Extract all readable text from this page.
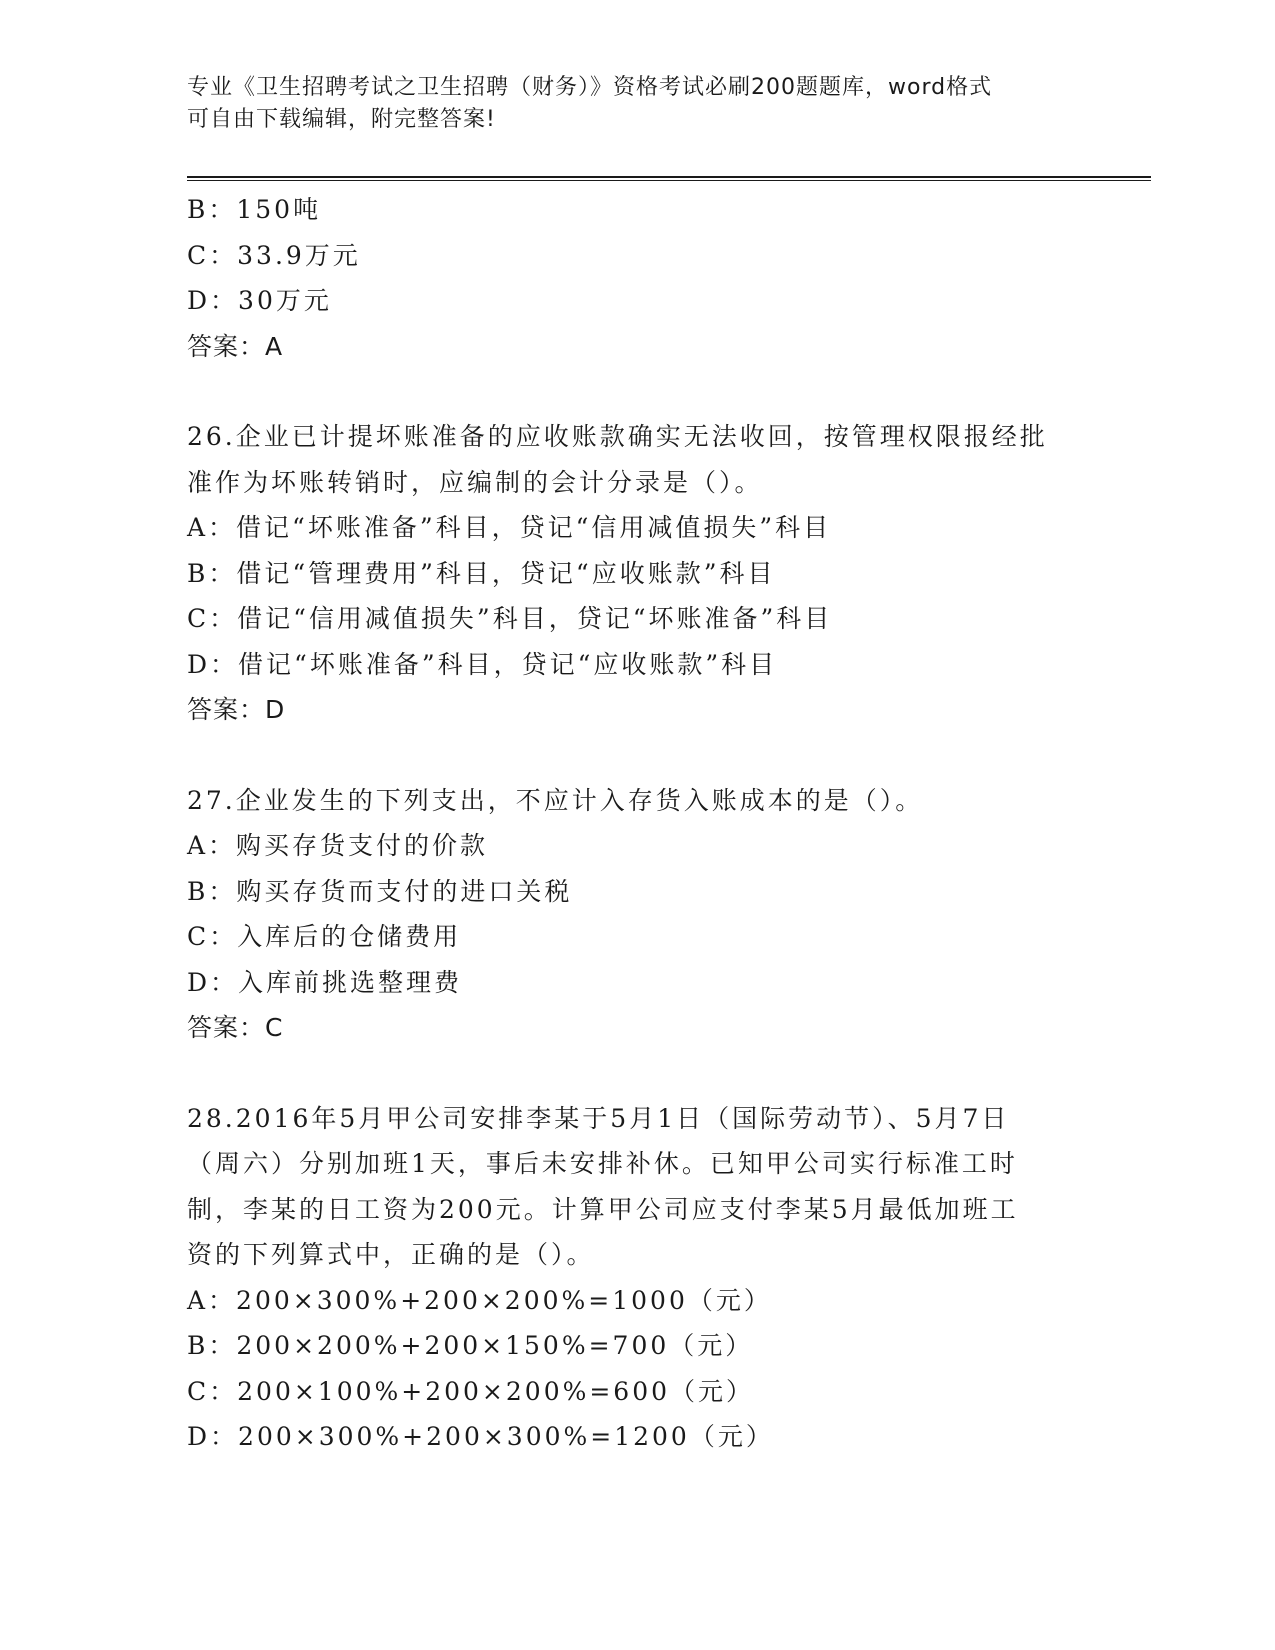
专业《卫生招聘考试之卫生招聘（财务）》资格考试必刷200题题库，word格式
可自由下载编辑，附完整答案!
B：150吨
C：33.9万元
D：30万元
答案：A
26.企业已计提坏账准备的应收账款确实无法收回，按管理权限报经批
准作为坏账转销时，应编制的会计分录是（）。
A：借记“坏账准备”科目，贷记“信用减值损失”科目
B：借记“管理费用”科目，贷记“应收账款”科目
C：借记“信用减值损失”科目，贷记“坏账准备”科目
D：借记“坏账准备”科目，贷记“应收账款”科目
答案：D
27.企业发生的下列支出，不应计入存货入账成本的是（）。
A：购买存货支付的价款
B：购买存货而支付的进口关税
C：入库后的仓储费用
D：入库前挑选整理费
答案：C
28.2016年5月甲公司安排李某于5月1日（国际劳动节）、5月7日
（周六）分别加班1天，事后未安排补休。已知甲公司实行标准工时
制，李某的日工资为200元。计算甲公司应支付李某5月最低加班工
资的下列算式中，正确的是（）。
A：200×300%+200×200%=1000（元）
B：200×200%+200×150%=700（元）
C：200×100%+200×200%=600（元）
D：200×300%+200×300%=1200（元）
